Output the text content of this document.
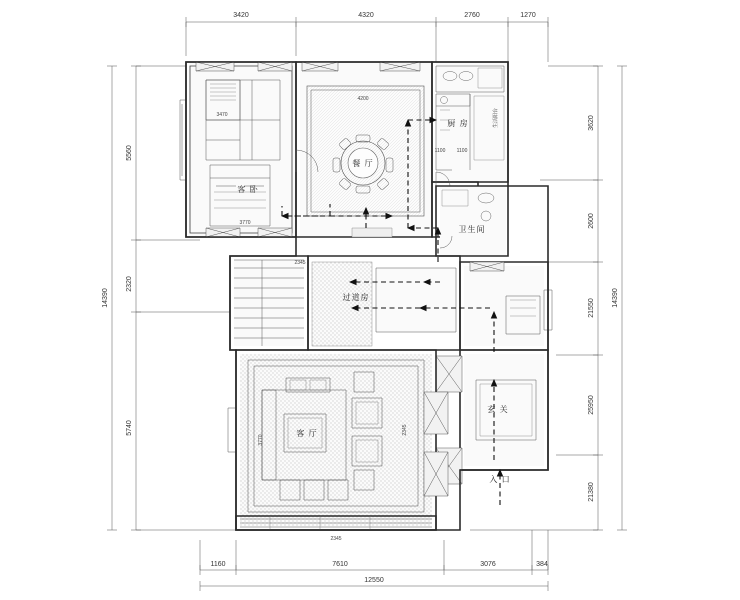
3420	4320	2760	1270
5560
2320
5740
14390
3620
2600
21550
25950
21380
14390
1160	7610	3076	384
12550
3470
客 卧
3770
餐 厅
4200
生活阳台
厨 房
1100 1100
卫生间
过道房
2345
玄 关
入 口
客 厅
2345
2345
3770
